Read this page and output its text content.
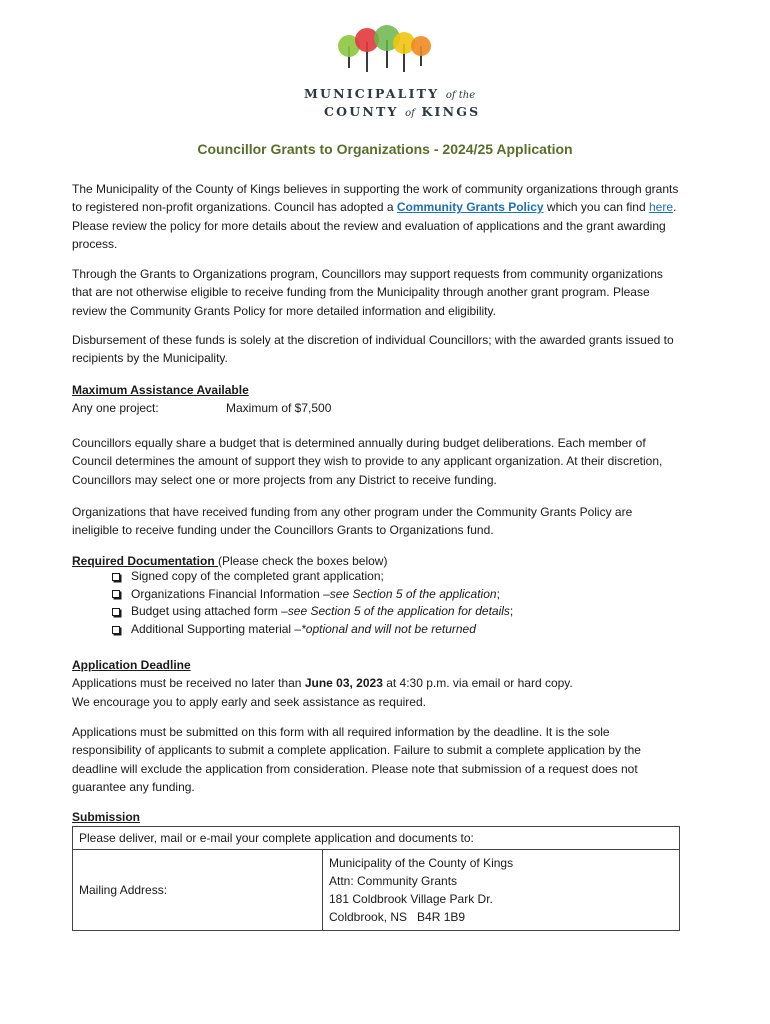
MUNICIPALITY of the
COUNTY of KINGS
Councillor Grants to Organizations - 2024/25 Application
The Municipality of the County of Kings believes in supporting the work of community organizations through grants to registered non-profit organizations. Council has adopted a Community Grants Policy which you can find here. Please review the policy for more details about the review and evaluation of applications and the grant awarding process.
Through the Grants to Organizations program, Councillors may support requests from community organizations that are not otherwise eligible to receive funding from the Municipality through another grant program. Please review the Community Grants Policy for more detailed information and eligibility.
Disbursement of these funds is solely at the discretion of individual Councillors; with the awarded grants issued to recipients by the Municipality.
Maximum Assistance Available
Any one project:	Maximum of $7,500
Councillors equally share a budget that is determined annually during budget deliberations. Each member of Council determines the amount of support they wish to provide to any applicant organization. At their discretion, Councillors may select one or more projects from any District to receive funding.
Organizations that have received funding from any other program under the Community Grants Policy are ineligible to receive funding under the Councillors Grants to Organizations fund.
Required Documentation (Please check the boxes below)
Signed copy of the completed grant application;
Organizations Financial Information – see Section 5 of the application ;
Budget using attached form – see Section 5 of the application for details ;
Additional Supporting material – *optional and will not be returned
Application Deadline
Applications must be received no later than June 03, 2023 at 4:30 p.m. via email or hard copy.
We encourage you to apply early and seek assistance as required.
Applications must be submitted on this form with all required information by the deadline. It is the sole responsibility of applicants to submit a complete application. Failure to submit a complete application by the deadline will exclude the application from consideration. Please note that submission of a request does not guarantee any funding.
Submission
Please deliver, mail or e-mail your complete application and documents to:
Mailing Address:	
Municipality of the County of Kings
Attn: Community Grants
181 Coldbrook Village Park Dr.
Coldbrook, NS   B4R 1B9
